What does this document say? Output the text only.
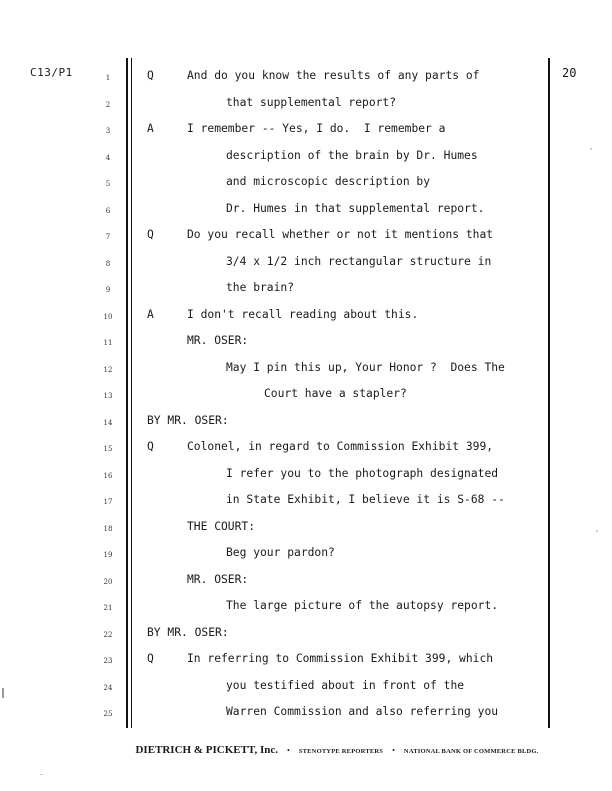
C13/P1	20
1	Q	And do you know the results of any parts of
2	that supplemental report?
3	A	I remember -- Yes, I do.  I remember a
4	description of the brain by Dr. Humes
5	and microscopic description by
6	Dr. Humes in that supplemental report.
7	Q	Do you recall whether or not it mentions that
8	3/4 x 1/2 inch rectangular structure in
9	the brain?
10	A	I don't recall reading about this.
11	MR. OSER:
12	May I pin this up, Your Honor ?  Does The
13	Court have a stapler?
14	BY MR. OSER:
15	Q	Colonel, in regard to Commission Exhibit 399,
16	I refer you to the photograph designated
17	in State Exhibit, I believe it is S-68 --
18	THE COURT:
19	Beg your pardon?
20	MR. OSER:
21	The large picture of the autopsy report.
22	BY MR. OSER:
23	Q	In referring to Commission Exhibit 399, which
24	you testified about in front of the
25	Warren Commission and also referring you
DIETRICH & PICKETT, Inc. • STENOTYPE REPORTERS • NATIONAL BANK OF COMMERCE BLDG.
